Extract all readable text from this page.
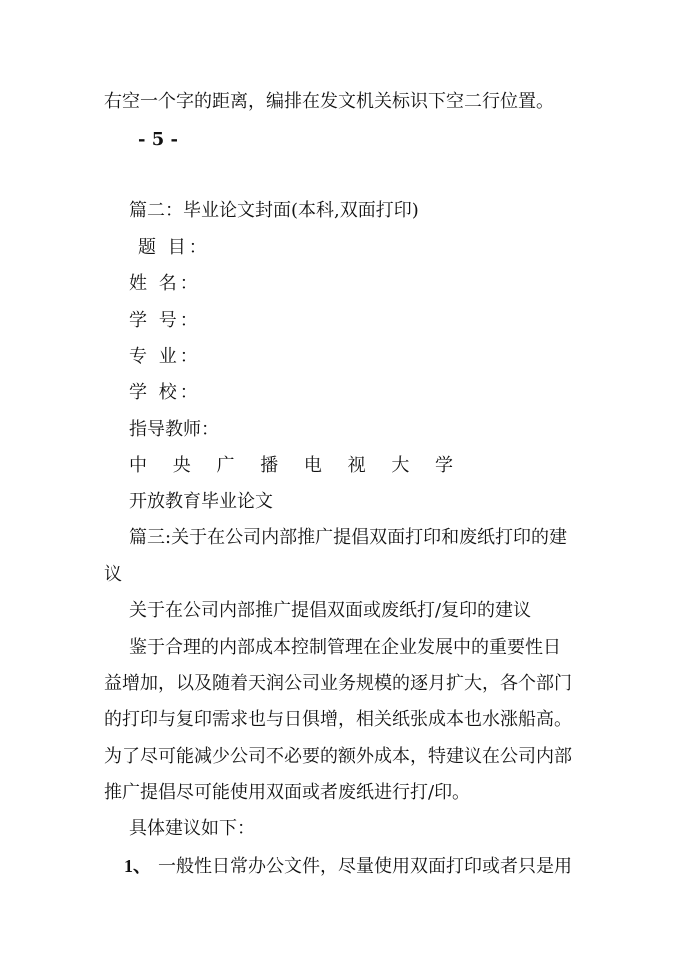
右空一个字的距离，编排在发文机关标识下空二行位置。
- 5 -
篇二：毕业论文封面(本科,双面打印)
题 目：
姓 名：
学 号：
专 业：
学 校：
指导教师：
中 央 广 播 电 视 大 学
开放教育毕业论文
篇三:关于在公司内部推广提倡双面打印和废纸打印的建
议
关于在公司内部推广提倡双面或废纸打/复印的建议
鉴于合理的内部成本控制管理在企业发展中的重要性日
益增加，以及随着天润公司业务规模的逐月扩大，各个部门
的打印与复印需求也与日俱增，相关纸张成本也水涨船高。
为了尽可能减少公司不必要的额外成本，特建议在公司内部
推广提倡尽可能使用双面或者废纸进行打/印。
具体建议如下：
1、 一般性日常办公文件，尽量使用双面打印或者只是用
